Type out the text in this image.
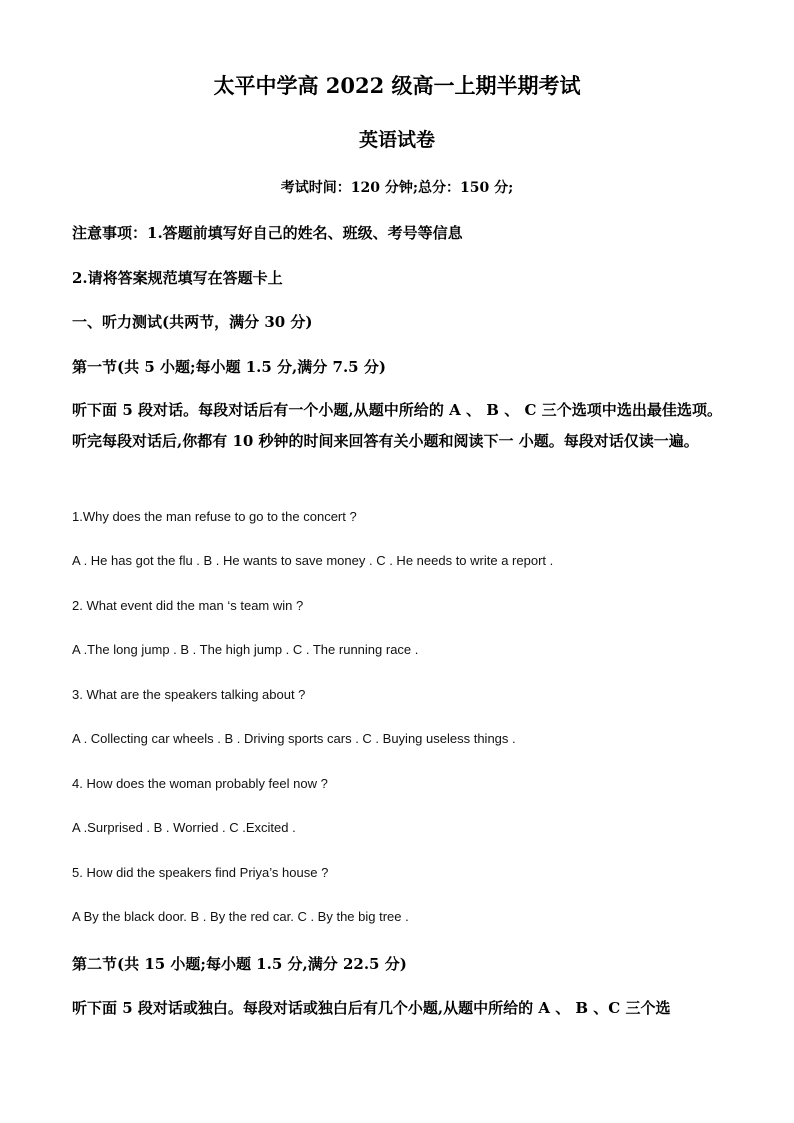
太平中学高 2022 级高一上期半期考试
英语试卷
考试时间：120 分钟;总分：150 分;
注意事项：1.答题前填写好自己的姓名、班级、考号等信息
2.请将答案规范填写在答题卡上
一、听力测试(共两节，满分 30 分)
第一节(共 5 小题;每小题 1.5 分,满分 7.5 分)
听下面 5 段对话。每段对话后有一个小题,从题中所给的 A 、 B 、 C 三个选项中选出最佳选项。听完每段对话后,你都有 10 秒钟的时间来回答有关小题和阅读下一 小题。每段对话仅读一遍。
1.Why does the man refuse to go to the concert ?
A . He has got the flu . B . He wants to save money . C . He needs to write a report .
2. What event did the man ‘s team win ?
A .The long jump . B . The high jump . C . The running race .
3. What are the speakers talking about ?
A . Collecting car wheels . B . Driving sports cars . C . Buying useless things .
4. How does the woman probably feel now ?
A .Surprised . B . Worried . C .Excited .
5. How did the speakers find Priya’s house ?
A By the black door. B . By the red car. C . By the big tree .
第二节(共 15 小题;每小题 1.5 分,满分 22.5 分)
听下面 5 段对话或独白。每段对话或独白后有几个小题,从题中所给的 A 、 B 、C 三个选
